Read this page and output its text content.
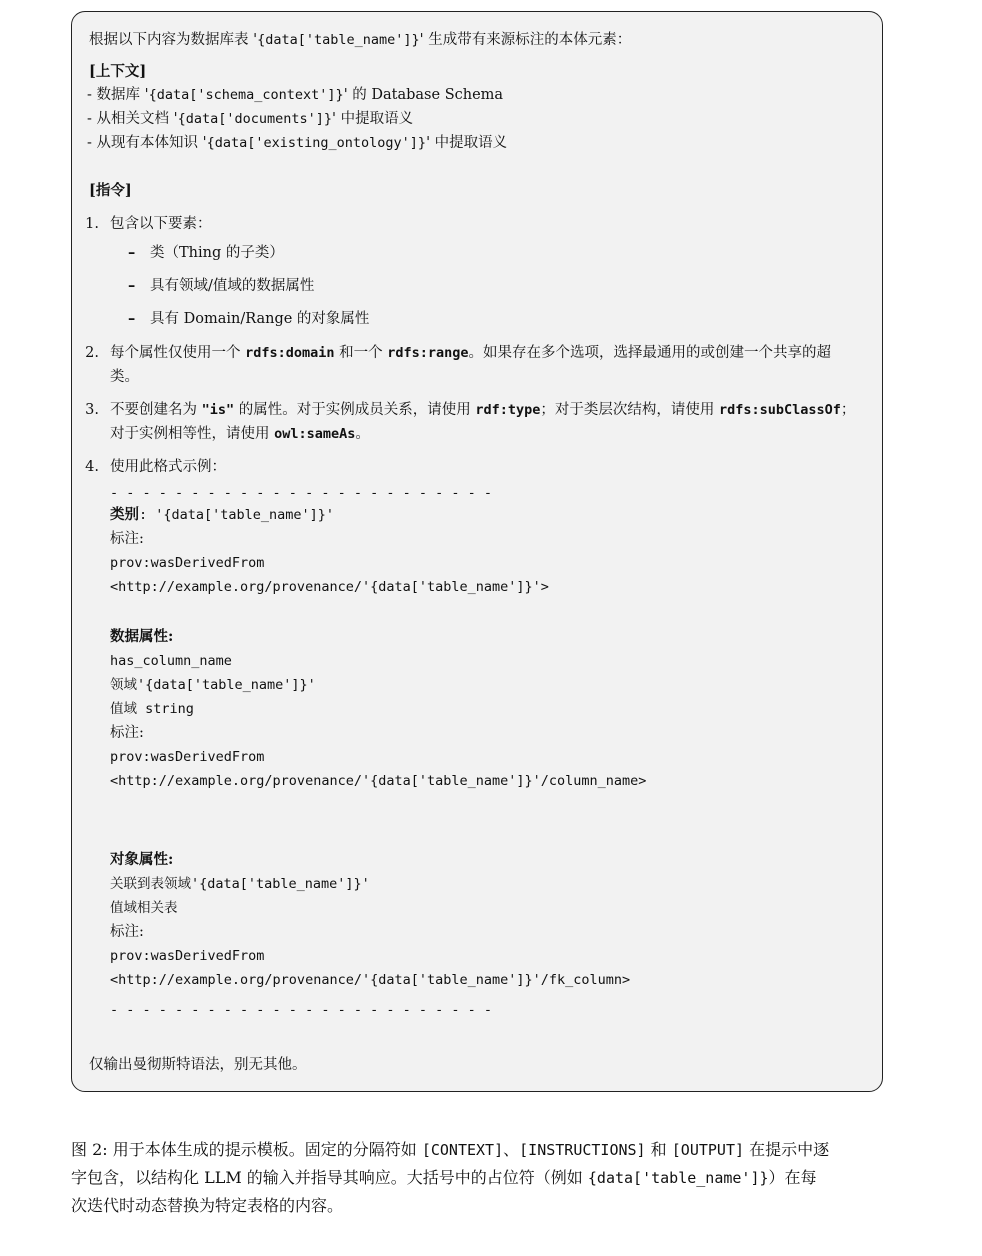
根据以下内容为数据库表 '{data['table_name']}' 生成带有来源标注的本体元素：
[上下文]
- 数据库 '{data['schema_context']}' 的 Database Schema
- 从相关文档 '{data['documents']}' 中提取语义
- 从现有本体知识 '{data['existing_ontology']}' 中提取语义
[指令]
1. 包含以下要素：
– 类（Thing 的子类）
– 具有领域/值域的数据属性
– 具有 Domain/Range 的对象属性
2. 每个属性仅使用一个 rdfs:domain 和一个 rdfs:range。如果存在多个选项，选择最通用的或创建一个共享的超
类。
3. 不要创建名为 "is" 的属性。对于实例成员关系，请使用 rdf:type；对于类层次结构，请使用 rdfs:subClassOf；
对于实例相等性，请使用 owl:sameAs。
4. 使用此格式示例：
- - - - - - - - - - - - - - - - - - - - - - - -
类别: '{data['table_name']}'
标注:
prov:wasDerivedFrom
<http://example.org/provenance/'{data['table_name']}'>
数据属性:
has_column_name
领域'{data['table_name']}'
值域 string
标注:
prov:wasDerivedFrom
<http://example.org/provenance/'{data['table_name']}'/column_name>
对象属性:
关联到表领域'{data['table_name']}'
值域相关表
标注:
prov:wasDerivedFrom
<http://example.org/provenance/'{data['table_name']}'/fk_column>
- - - - - - - - - - - - - - - - - - - - - - - -
仅输出曼彻斯特语法，别无其他。
图 2: 用于本体生成的提示模板。固定的分隔符如 [CONTEXT]、[INSTRUCTIONS] 和 [OUTPUT] 在提示中逐
字包含，以结构化 LLM 的输入并指导其响应。大括号中的占位符（例如 {data['table_name']}）在每
次迭代时动态替换为特定表格的内容。
